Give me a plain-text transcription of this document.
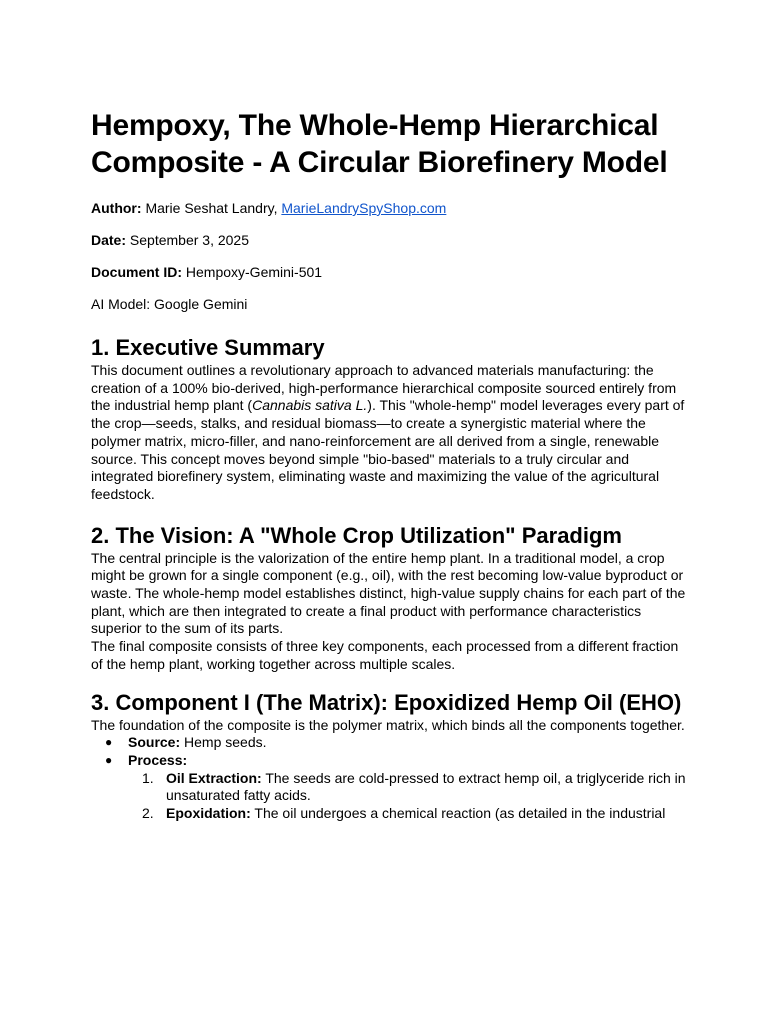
Hempoxy, The Whole-Hemp Hierarchical Composite - A Circular Biorefinery Model

Author: Marie Seshat Landry, MarieLandrySpyShop.com

Date: September 3, 2025

Document ID: Hempoxy-Gemini-501

AI Model: Google Gemini

1. Executive Summary

This document outlines a revolutionary approach to advanced materials manufacturing: the creation of a 100% bio-derived, high-performance hierarchical composite sourced entirely from the industrial hemp plant (Cannabis sativa L.). This "whole-hemp" model leverages every part of the crop—seeds, stalks, and residual biomass—to create a synergistic material where the polymer matrix, micro-filler, and nano-reinforcement are all derived from a single, renewable source. This concept moves beyond simple "bio-based" materials to a truly circular and integrated biorefinery system, eliminating waste and maximizing the value of the agricultural feedstock.

2. The Vision: A "Whole Crop Utilization" Paradigm

The central principle is the valorization of the entire hemp plant. In a traditional model, a crop might be grown for a single component (e.g., oil), with the rest becoming low-value byproduct or waste. The whole-hemp model establishes distinct, high-value supply chains for each part of the plant, which are then integrated to create a final product with performance characteristics superior to the sum of its parts.

The final composite consists of three key components, each processed from a different fraction of the hemp plant, working together across multiple scales.

3. Component I (The Matrix): Epoxidized Hemp Oil (EHO)

The foundation of the composite is the polymer matrix, which binds all the components together.

● Source: Hemp seeds.
● Process:
1. Oil Extraction: The seeds are cold-pressed to extract hemp oil, a triglyceride rich in unsaturated fatty acids.
2. Epoxidation: The oil undergoes a chemical reaction (as detailed in the industrial
